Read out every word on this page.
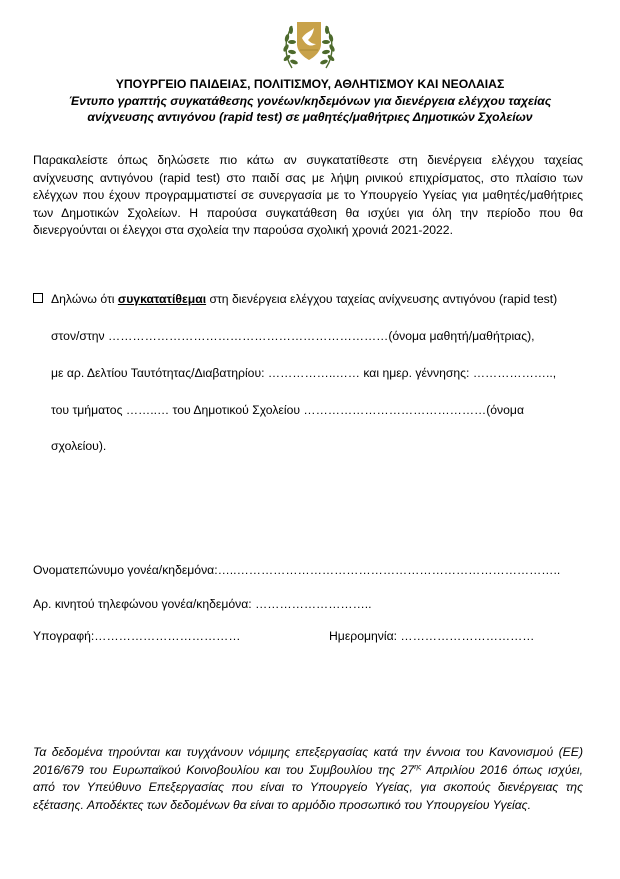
ΥΠΟΥΡΓΕΙΟ ΠΑΙΔΕΙΑΣ, ΠΟΛΙΤΙΣΜΟΥ, ΑΘΛΗΤΙΣΜΟΥ ΚΑΙ ΝΕΟΛΑΙΑΣ
Έντυπο γραπτής συγκατάθεσης γονέων/κηδεμόνων για διενέργεια ελέγχου ταχείας
ανίχνευσης αντιγόνου (rapid test) σε μαθητές/μαθήτριες Δημοτικών Σχολείων
Παρακαλείστε όπως δηλώσετε πιο κάτω αν συγκατατίθεστε στη διενέργεια ελέγχου ταχείας ανίχνευσης αντιγόνου (rapid test) στο παιδί σας με λήψη ρινικού επιχρίσματος, στο πλαίσιο των ελέγχων που έχουν προγραμματιστεί σε συνεργασία με το Υπουργείο Υγείας για μαθητές/μαθήτριες των Δημοτικών Σχολείων. Η παρούσα συγκατάθεση θα ισχύει για όλη την περίοδο που θα διενεργούνται οι έλεγχοι στα σχολεία την παρούσα σχολική χρονιά 2021-2022.
Δηλώνω ότι συγκατατίθεμαι στη διενέργεια ελέγχου ταχείας ανίχνευσης αντιγόνου (rapid test)
στον/στην ……………………………………………………………(όνομα μαθητή/μαθήτριας),
με αρ. Δελτίου Ταυτότητας/Διαβατηρίου: ……………..…… και ημερ. γέννησης: ………………..,
του τμήματος ……..… του Δημοτικού Σχολείου ………………………………………(όνομα
σχολείου).
Ονοματεπώνυμο γονέα/κηδεμόνα:…..……………………………………………………………………..
Αρ. κινητού τηλεφώνου γονέα/κηδεμόνα: ………………………..
Υπογραφή:………………………………	Ημερομηνία: ……………………………
Τα δεδομένα τηρούνται και τυγχάνουν νόμιμης επεξεργασίας κατά την έννοια του Κανονισμού (ΕΕ) 2016/679 του Ευρωπαϊκού Κοινοβουλίου και του Συμβουλίου της $27^{\eta\varsigma}$ Απριλίου 2016 όπως ισχύει, από τον Υπεύθυνο Επεξεργασίας που είναι το Υπουργείο Υγείας, για σκοπούς διενέργειας της εξέτασης. Αποδέκτες των δεδομένων θα είναι το αρμόδιο προσωπικό του Υπουργείου Υγείας.
